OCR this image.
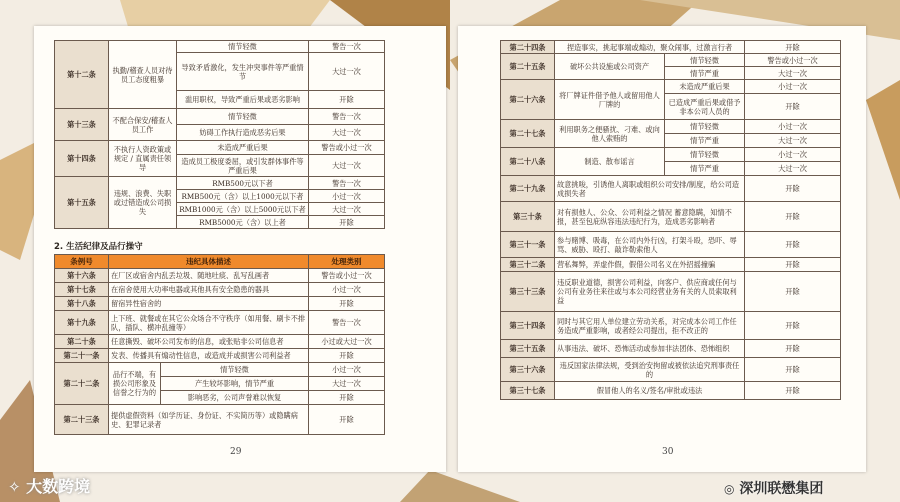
第十二条	执勤/稽查人员对待员工态度粗暴	情节轻微	警告一次
		导致矛盾激化，发生冲突事件等严重情节	大过一次
		滥用职权，导致严重后果或恶劣影响	开除
第十三条	不配合保安/稽查人员工作	情节轻微	警告一次
		妨碍工作执行造成恶劣后果	大过一次
第十四条	不执行人资政策或规定 / 直属责任领导	未造成严重后果	警告或小过一次
		造成员工极度委屈，或引发群体事件等严重后果	大过一次
第十五条	违规、浪费、失职或过错造成公司损失	RMB500元以下者	警告一次
		RMB500元（含）以上1000元以下者	小过一次
		RMB1000元（含）以上5000元以下者	大过一次
		RMB5000元（含）以上者	开除
2. 生活纪律及品行操守
条例号	违纪具体描述		处理类别
第十六条	在厂区或宿舍内乱丢垃圾、随地吐痰、乱写乱画者		警告或小过一次
第十七条	在宿舍使用大功率电器或其他具有安全隐患的器具		小过一次
第十八条	留宿异性宿舍的		开除
第十九条	上下班、就餐或在其它公众场合不守秩序（如用餐、刷卡不排队，插队、横冲乱撞等）		警告一次
第二十条	任意撕毁、破坏公司发布的信息，或张贴非公司信息者		小过或大过一次
第二十一条	发表、传播具有煽动性信息，或造成并或损害公司利益者		开除
第二十二条	品行不端，有损公司形象及信誉之行为的	情节轻微	小过一次
		产生较坏影响，情节严重	大过一次
		影响恶劣，公司声誉难以恢复	开除
第二十三条	提供虚假资料（如学历证、身份证、不实简历等）或隐瞒病史、犯罪记录者		开除
29
第二十四条	捏造事实，挑起事端或煽动，聚众闹事，过激言行者		开除
第二十五条	破坏公共设施或公司资产	情节轻微	警告或小过一次
		情节严重	大过一次
第二十六条	将厂牌证件借予他人或留用他人厂牌的	未造成严重后果	小过一次
		已造成严重后果或借予非本公司人员的	开除
第二十七条	利用职务之便骚扰、刁难、或向他人索贿的	情节轻微	小过一次
		情节严重	大过一次
第二十八条	制造、散布谣言	情节轻微	小过一次
		情节严重	大过一次
第二十九条	故意挑唆，引诱他人离职或组织公司安排/制度，给公司造成损失者		开除
第三十条	对有损他人、公众、公司利益之情况 蓄意隐瞒，知情不报，甚至包庇纵容违法违纪行为，造成恶劣影响者		开除
第三十一条	参与赌博、吸毒，在公司内外行凶，打架斗殴，恐吓、辱骂、威胁、殴打、敲诈勒索他人		开除
第三十二条	营私舞弊，弄虚作假，假借公司名义在外招摇撞骗		开除
第三十三条	违反职业道德，损害公司利益，向客户、供应商或任何与公司有业务往来往或与本公司经营业务有关的人员索取利益		开除
第三十四条	同时与其它用人单位建立劳动关系，对完成本公司工作任务造成严重影响，或者经公司提出，拒不改正的		开除
第三十五条	从事违法、破坏、恐怖活动或参加非法团体、恐怖组织		开除
第三十六条	违反国家法律法规，受到治安拘留或被依法追究刑事责任的		开除
第三十七条	假冒他人的名义/签名/审批或违法		开除
30
✧ 大数跨境	◎ 深圳联懋集团
